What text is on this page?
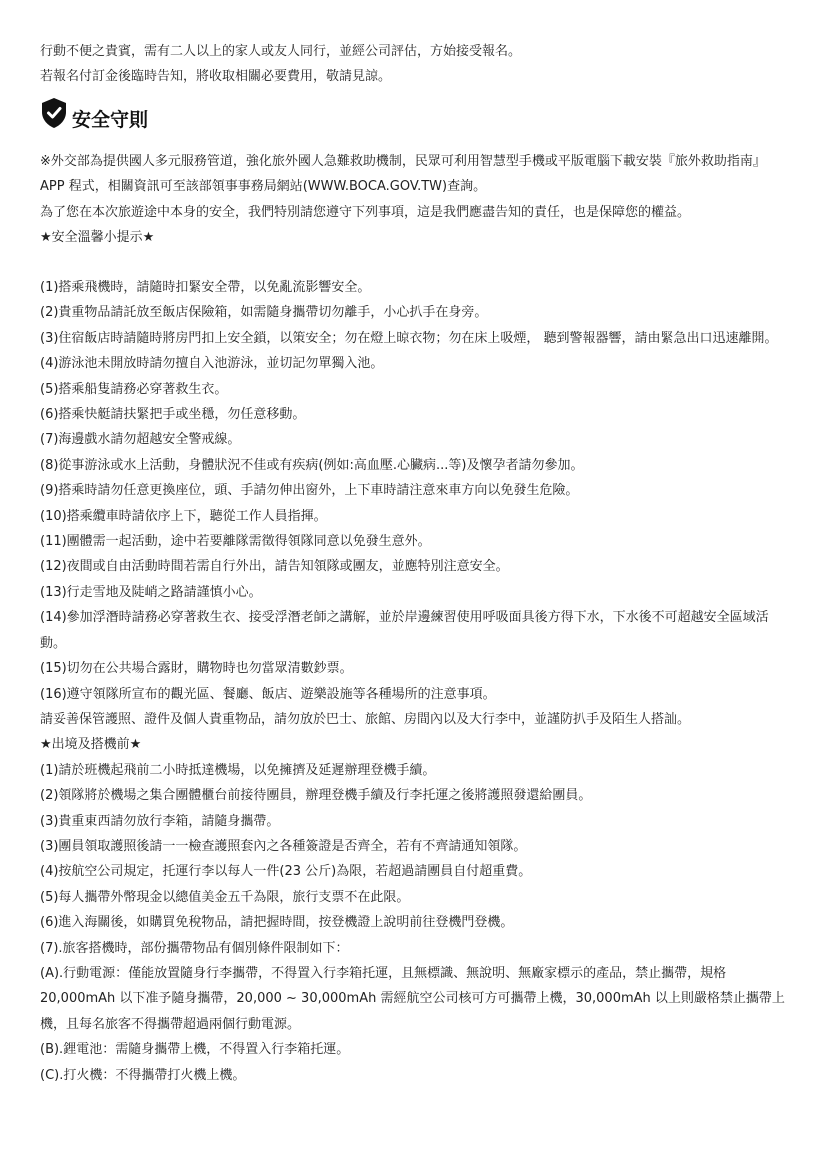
行動不便之貴賓，需有二人以上的家人或友人同行，並經公司評估，方始接受報名。
若報名付訂金後臨時告知，將收取相關必要費用，敬請見諒。
安全守則
※外交部為提供國人多元服務管道，強化旅外國人急難救助機制，民眾可利用智慧型手機或平版電腦下載安裝『旅外救助指南』APP 程式，相關資訊可至該部領事事務局網站(WWW.BOCA.GOV.TW)查詢。
為了您在本次旅遊途中本身的安全，我們特別請您遵守下列事項，這是我們應盡告知的責任，也是保障您的權益。
★安全溫馨小提示★
(1)搭乘飛機時，請隨時扣緊安全帶，以免亂流影響安全。
(2)貴重物品請託放至飯店保險箱，如需隨身攜帶切勿離手，小心扒手在身旁。
(3)住宿飯店時請隨時將房門扣上安全鎖，以策安全；勿在燈上晾衣物；勿在床上吸煙， 聽到警報器響，請由緊急出口迅速離開。
(4)游泳池未開放時請勿擅自入池游泳，並切記勿單獨入池。
(5)搭乘船隻請務必穿著救生衣。
(6)搭乘快艇請扶緊把手或坐穩，勿任意移動。
(7)海邊戲水請勿超越安全警戒線。
(8)從事游泳或水上活動，身體狀況不佳或有疾病(例如:高血壓.心臟病...等)及懷孕者請勿參加。
(9)搭乘時請勿任意更換座位，頭、手請勿伸出窗外，上下車時請注意來車方向以免發生危險。
(10)搭乘纜車時請依序上下，聽從工作人員指揮。
(11)團體需一起活動，途中若要離隊需徵得領隊同意以免發生意外。
(12)夜間或自由活動時間若需自行外出，請告知領隊或團友，並應特別注意安全。
(13)行走雪地及陡峭之路請謹慎小心。
(14)參加浮潛時請務必穿著救生衣、接受浮潛老師之講解，並於岸邊練習使用呼吸面具後方得下水，下水後不可超越安全區域活動。
(15)切勿在公共場合露財，購物時也勿當眾清數鈔票。
(16)遵守領隊所宣布的觀光區、餐廳、飯店、遊樂設施等各種場所的注意事項。
請妥善保管護照、證件及個人貴重物品，請勿放於巴士、旅館、房間內以及大行李中，並謹防扒手及陌生人搭訕。
★出境及搭機前★
(1)請於班機起飛前二小時抵達機場，以免擁擠及延遲辦理登機手續。
(2)領隊將於機場之集合團體櫃台前接待團員，辦理登機手續及行李托運之後將護照發還給團員。
(3)貴重東西請勿放行李箱，請隨身攜帶。
(3)團員領取護照後請一一檢查護照套內之各種簽證是否齊全，若有不齊請通知領隊。
(4)按航空公司規定，托運行李以每人一件(23 公斤)為限，若超過請團員自付超重費。
(5)每人攜帶外幣現金以總值美金五千為限，旅行支票不在此限。
(6)進入海關後，如購買免稅物品，請把握時間，按登機證上說明前往登機門登機。
(7).旅客搭機時，部份攜帶物品有個別條件限制如下：
(A).行動電源：僅能放置隨身行李攜帶，不得置入行李箱托運，且無標識、無說明、無廠家標示的產品，禁止攜帶，規格 20,000mAh 以下准予隨身攜帶，20,000 ~ 30,000mAh 需經航空公司核可方可攜帶上機，30,000mAh 以上則嚴格禁止攜帶上機，且每名旅客不得攜帶超過兩個行動電源。
(B).鋰電池：需隨身攜帶上機，不得置入行李箱托運。
(C).打火機：不得攜帶打火機上機。
